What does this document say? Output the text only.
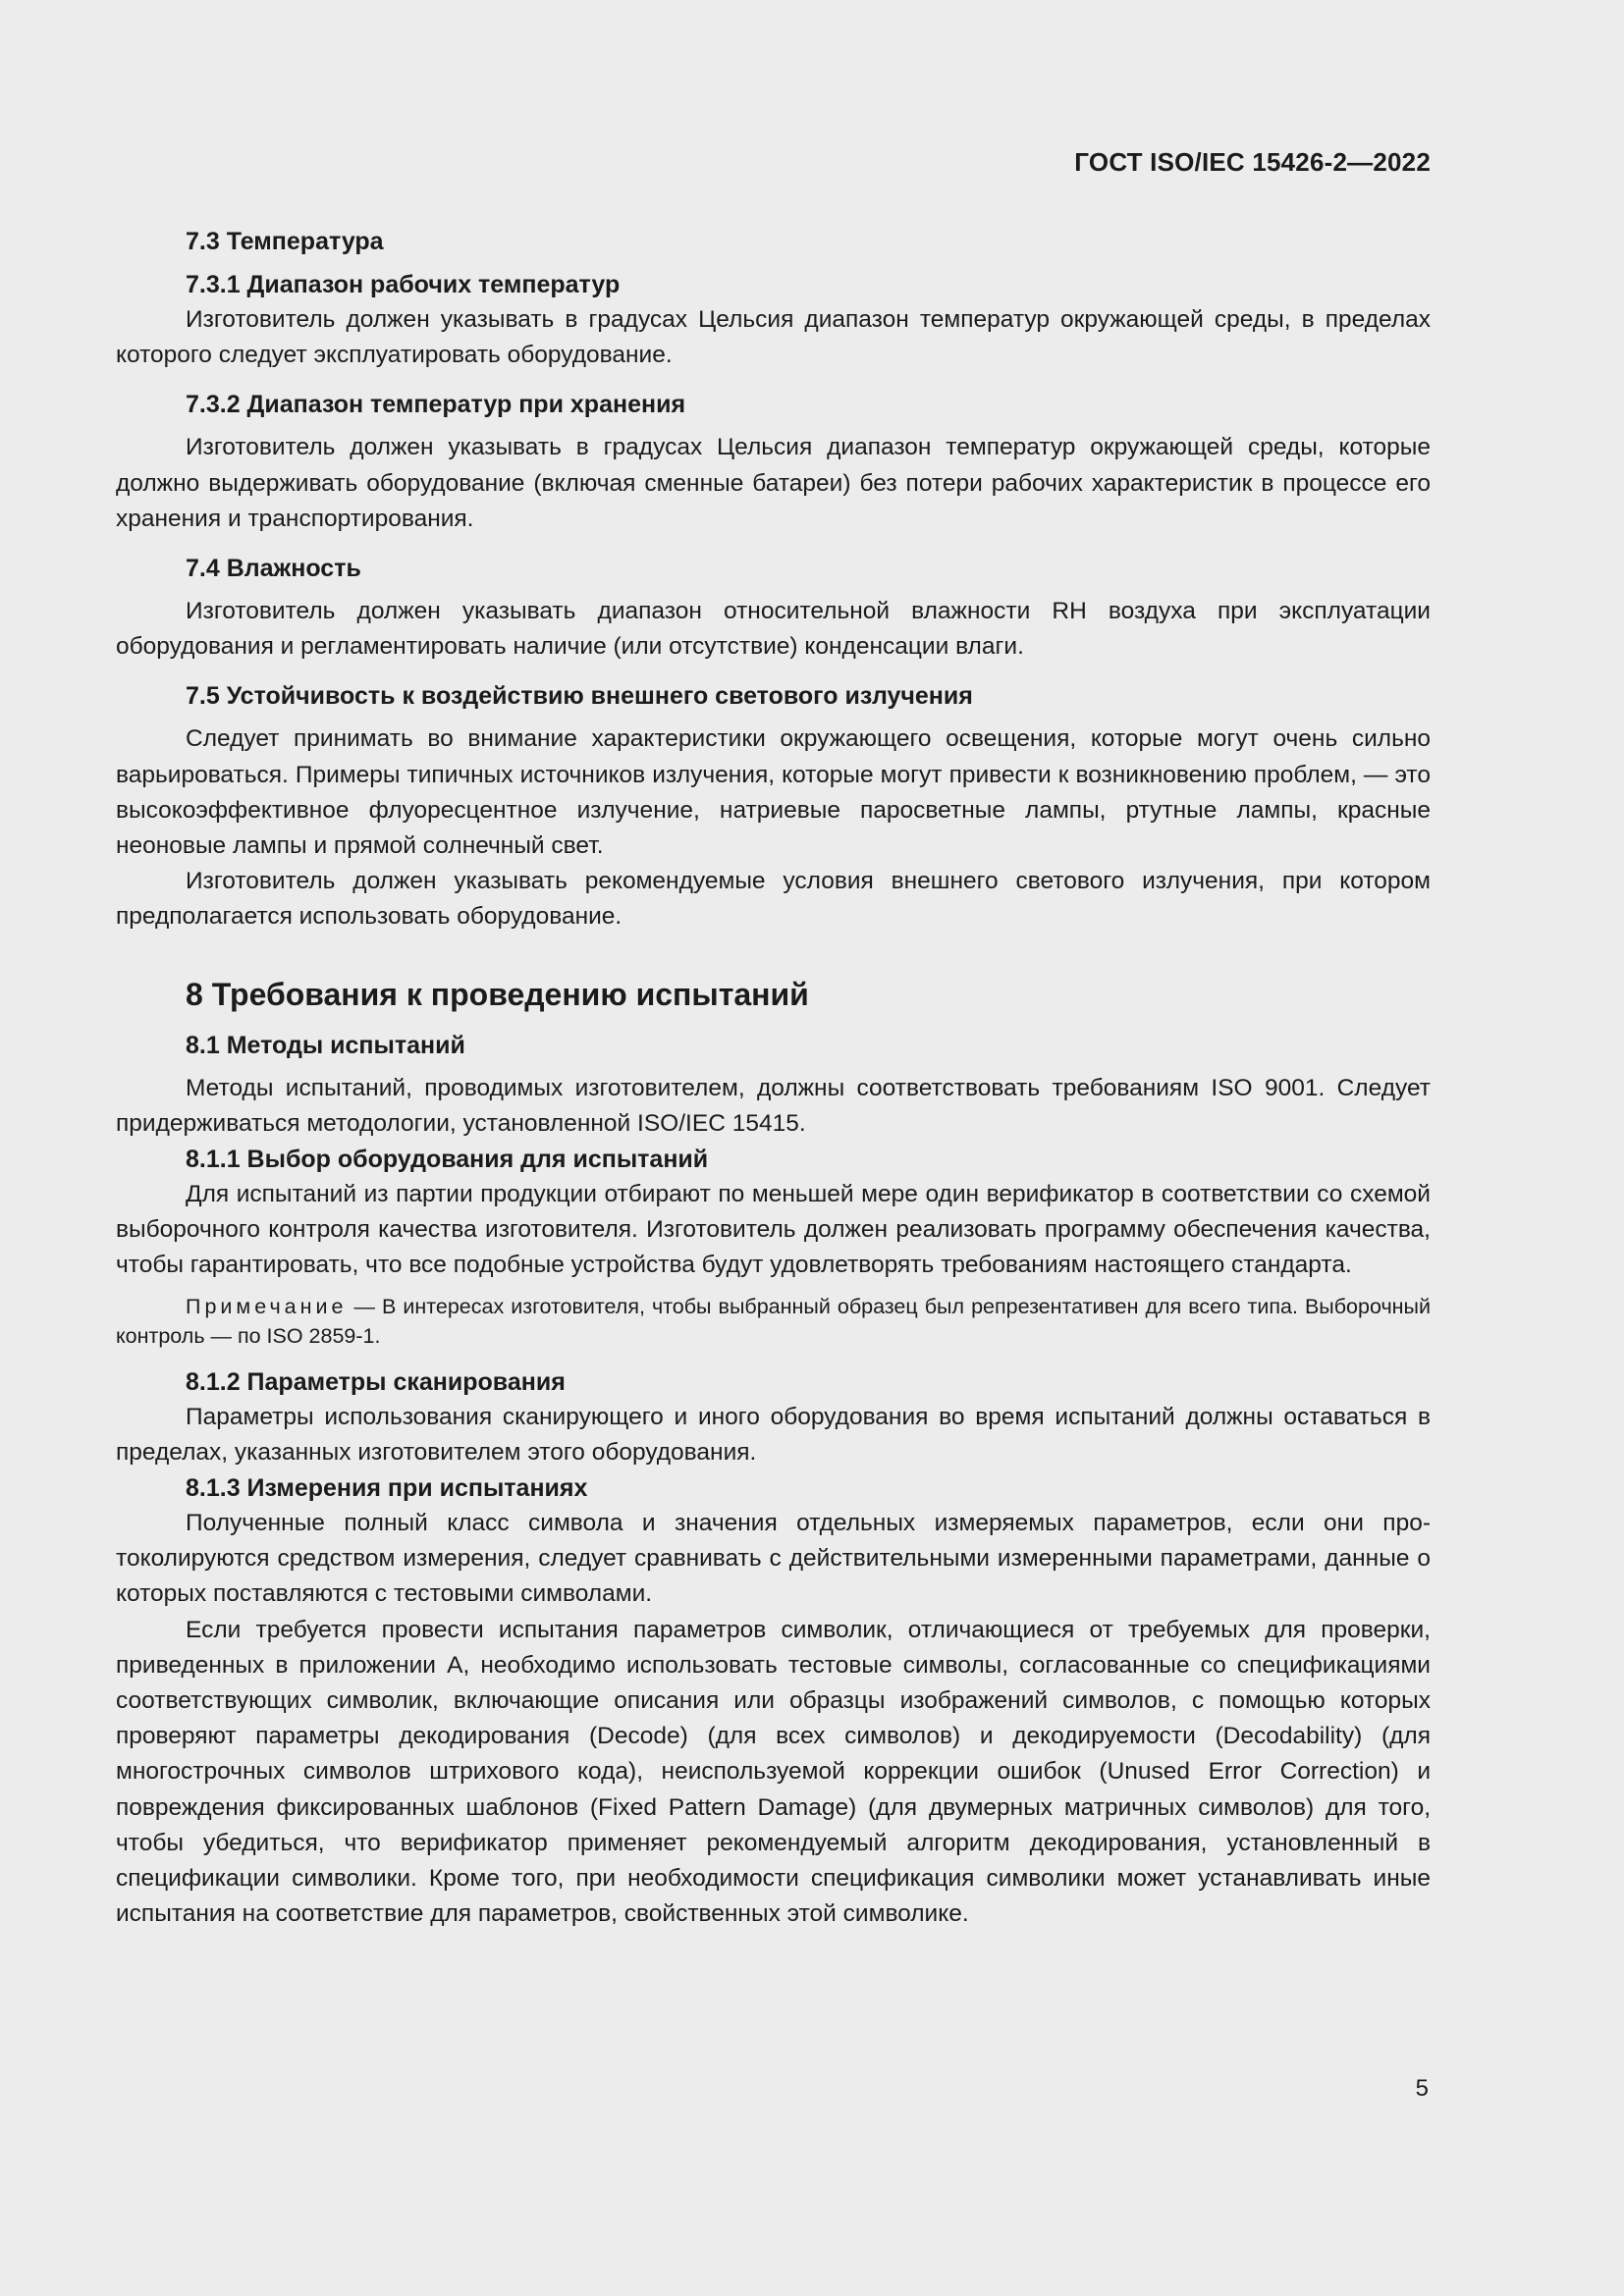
ГОСТ ISO/IEC 15426-2—2022
7.3 Температура
7.3.1 Диапазон рабочих температур

Изготовитель должен указывать в градусах Цельсия диапазон температур окружающей среды, в пределах которого следует эксплуатировать оборудование.

7.3.2 Диапазон температур при хранения

Изготовитель должен указывать в градусах Цельсия диапазон температур окружающей среды, которые должно выдерживать оборудование (включая сменные батареи) без потери рабочих характеристик в процессе его хранения и транспортирования.

7.4 Влажность

Изготовитель должен указывать диапазон относительной влажности RH воздуха при эксплуатации оборудования и регламентировать наличие (или отсутствие) конденсации влаги.

7.5 Устойчивость к воздействию внешнего светового излучения

Следует принимать во внимание характеристики окружающего освещения, которые могут очень сильно варьироваться. Примеры типичных источников излучения, которые могут привести к возникновению проблем, — это высокоэффективное флуоресцентное излучение, натриевые паросветные лампы, ртутные лампы, красные неоновые лампы и прямой солнечный свет.

Изготовитель должен указывать рекомендуемые условия внешнего светового излучения, при котором предполагается использовать оборудование.

8 Требования к проведению испытаний
8.1 Методы испытаний

Методы испытаний, проводимых изготовителем, должны соответствовать требованиям ISO 9001. Следует придерживаться методологии, установленной ISO/IEC 15415.

8.1.1 Выбор оборудования для испытаний

Для испытаний из партии продукции отбирают по меньшей мере один верификатор в соответствии со схемой выборочного контроля качества изготовителя. Изготовитель должен реализовать программу обеспечения качества, чтобы гарантировать, что все подобные устройства будут удовлетворять требованиям настоящего стандарта.

Примечание — В интересах изготовителя, чтобы выбранный образец был репрезентативен для всего типа. Выборочный контроль — по ISO 2859-1.

8.1.2 Параметры сканирования

Параметры использования сканирующего и иного оборудования во время испытаний должны оставаться в пределах, указанных изготовителем этого оборудования.

8.1.3 Измерения при испытаниях

Полученные полный класс символа и значения отдельных измеряемых параметров, если они протоколируются средством измерения, следует сравнивать с действительными измеренными параметрами, данные о которых поставляются с тестовыми символами.

Если требуется провести испытания параметров символик, отличающиеся от требуемых для проверки, приведенных в приложении А, необходимо использовать тестовые символы, согласованные со спецификациями соответствующих символик, включающие описания или образцы изображений символов, с помощью которых проверяют параметры декодирования (Decode) (для всех символов) и декодируемости (Decodability) (для многострочных символов штрихового кода), неиспользуемой коррекции ошибок (Unused Error Correction) и повреждения фиксированных шаблонов (Fixed Pattern Damage) (для двумерных матричных символов) для того, чтобы убедиться, что верификатор применяет рекомендуемый алгоритм декодирования, установленный в спецификации символики. Кроме того, при необходимости спецификация символики может устанавливать иные испытания на соответствие для параметров, свойственных этой символике.

5
